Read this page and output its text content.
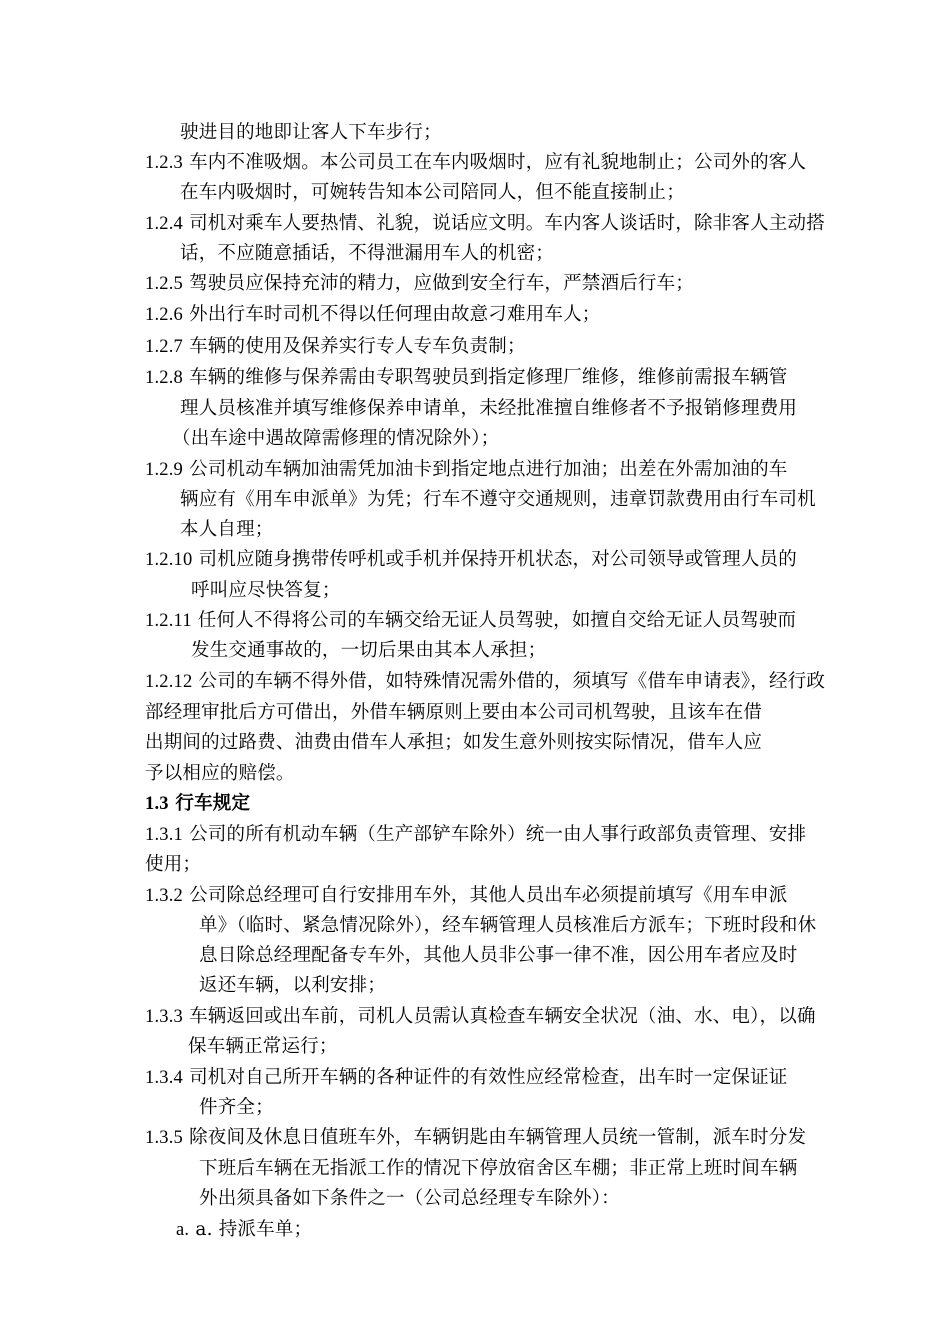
驶进目的地即让客人下车步行；
1.2.3 车内不准吸烟。本公司员工在车内吸烟时，应有礼貌地制止；公司外的客人
在车内吸烟时，可婉转告知本公司陪同人，但不能直接制止；
1.2.4 司机对乘车人要热情、礼貌，说话应文明。车内客人谈话时，除非客人主动搭
话，不应随意插话，不得泄漏用车人的机密；
1.2.5 驾驶员应保持充沛的精力，应做到安全行车，严禁酒后行车；
1.2.6 外出行车时司机不得以任何理由故意刁难用车人；
1.2.7 车辆的使用及保养实行专人专车负责制；
1.2.8 车辆的维修与保养需由专职驾驶员到指定修理厂维修，维修前需报车辆管
理人员核准并填写维修保养申请单，未经批准擅自维修者不予报销修理费用
（出车途中遇故障需修理的情况除外）；
1.2.9 公司机动车辆加油需凭加油卡到指定地点进行加油；出差在外需加油的车
辆应有《用车申派单》为凭；行车不遵守交通规则，违章罚款费用由行车司机
本人自理；
1.2.10 司机应随身携带传呼机或手机并保持开机状态，对公司领导或管理人员的
呼叫应尽快答复；
1.2.11 任何人不得将公司的车辆交给无证人员驾驶，如擅自交给无证人员驾驶而
发生交通事故的，一切后果由其本人承担；
1.2.12 公司的车辆不得外借，如特殊情况需外借的，须填写《借车申请表》，经行政
部经理审批后方可借出，外借车辆原则上要由本公司司机驾驶，且该车在借
出期间的过路费、油费由借车人承担；如发生意外则按实际情况，借车人应
予以相应的赔偿。
1.3 行车规定
1.3.1 公司的所有机动车辆（生产部铲车除外）统一由人事行政部负责管理、安排
使用；
1.3.2 公司除总经理可自行安排用车外，其他人员出车必须提前填写《用车申派
单》（临时、紧急情况除外），经车辆管理人员核准后方派车；下班时段和休
息日除总经理配备专车外，其他人员非公事一律不准，因公用车者应及时
返还车辆，以利安排；
1.3.3 车辆返回或出车前，司机人员需认真检查车辆安全状况（油、水、电），以确
保车辆正常运行；
1.3.4 司机对自己所开车辆的各种证件的有效性应经常检查，出车时一定保证证
件齐全；
1.3.5 除夜间及休息日值班车外，车辆钥匙由车辆管理人员统一管制，派车时分发
下班后车辆在无指派工作的情况下停放宿舍区车棚；非正常上班时间车辆
外出须具备如下条件之一（公司总经理专车除外）：
a. a. 持派车单；
